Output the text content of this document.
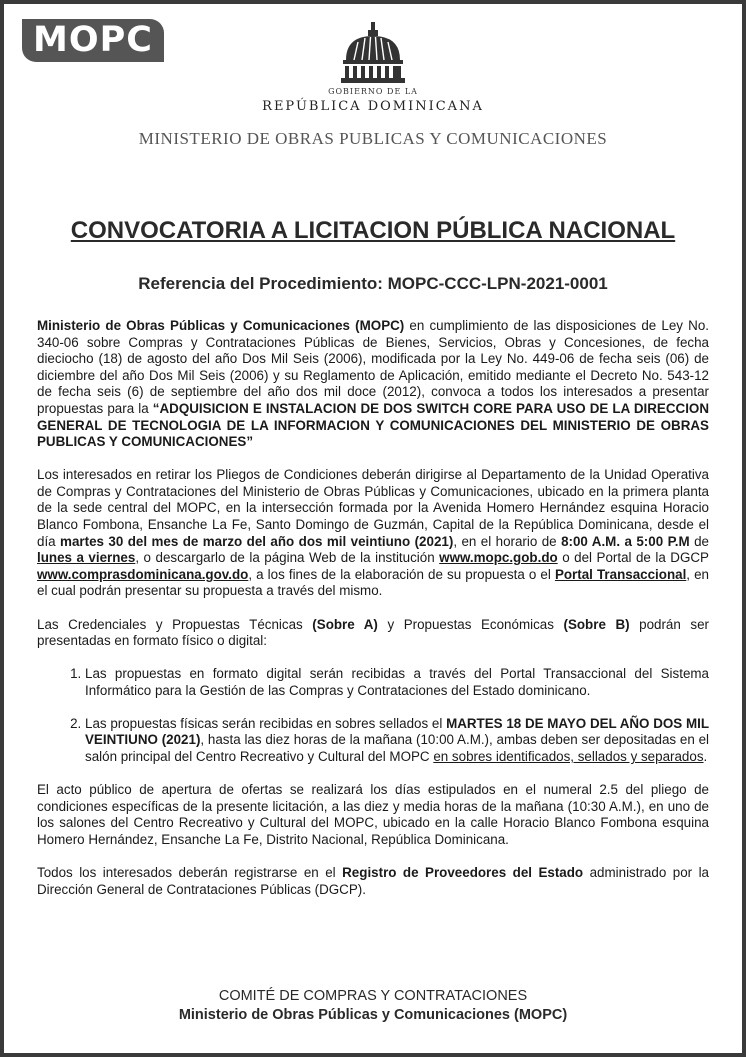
MOPC
GOBIERNO DE LA
REPÚBLICA DOMINICANA
MINISTERIO DE OBRAS PUBLICAS Y COMUNICACIONES
CONVOCATORIA A LICITACION PÚBLICA NACIONAL
Referencia del Procedimiento: MOPC-CCC-LPN-2021-0001

Ministerio de Obras Públicas y Comunicaciones (MOPC) en cumplimiento de las disposiciones de Ley No. 340-06 sobre Compras y Contrataciones Públicas de Bienes, Servicios, Obras y Concesiones, de fecha dieciocho (18) de agosto del año Dos Mil Seis (2006), modificada por la Ley No. 449-06 de fecha seis (06) de diciembre del año Dos Mil Seis (2006) y su Reglamento de Aplicación, emitido mediante el Decreto No. 543-12 de fecha seis (6) de septiembre del año dos mil doce (2012), convoca a todos los interesados a presentar propuestas para la “ADQUISICION E INSTALACION DE DOS SWITCH CORE PARA USO DE LA DIRECCION GENERAL DE TECNOLOGIA DE LA INFORMACION Y COMUNICACIONES DEL MINISTERIO DE OBRAS PUBLICAS Y COMUNICACIONES”

Los interesados en retirar los Pliegos de Condiciones deberán dirigirse al Departamento de la Unidad Operativa de Compras y Contrataciones del Ministerio de Obras Públicas y Comunicaciones, ubicado en la primera planta de la sede central del MOPC, en la intersección formada por la Avenida Homero Hernández esquina Horacio Blanco Fombona, Ensanche La Fe, Santo Domingo de Guzmán, Capital de la República Dominicana, desde el día martes 30 del mes de marzo del año dos mil veintiuno (2021), en el horario de 8:00 A.M. a 5:00 P.M de lunes a viernes, o descargarlo de la página Web de la institución www.mopc.gob.do o del Portal de la DGCP www.comprasdominicana.gov.do, a los fines de la elaboración de su propuesta o el Portal Transaccional, en el cual podrán presentar su propuesta a través del mismo.

Las Credenciales y Propuestas Técnicas (Sobre A) y Propuestas Económicas (Sobre B) podrán ser presentadas en formato físico o digital:

1. Las propuestas en formato digital serán recibidas a través del Portal Transaccional del Sistema Informático para la Gestión de las Compras y Contrataciones del Estado dominicano.
2. Las propuestas físicas serán recibidas en sobres sellados el MARTES 18 DE MAYO DEL AÑO DOS MIL VEINTIUNO (2021), hasta las diez horas de la mañana (10:00 A.M.), ambas deben ser depositadas en el salón principal del Centro Recreativo y Cultural del MOPC en sobres identificados, sellados y separados.

El acto público de apertura de ofertas se realizará los días estipulados en el numeral 2.5 del pliego de condiciones específicas de la presente licitación, a las diez y media horas de la mañana (10:30 A.M.), en uno de los salones del Centro Recreativo y Cultural del MOPC, ubicado en la calle Horacio Blanco Fombona esquina Homero Hernández, Ensanche La Fe, Distrito Nacional, República Dominicana.

Todos los interesados deberán registrarse en el Registro de Proveedores del Estado administrado por la Dirección General de Contrataciones Públicas (DGCP).

COMITÉ DE COMPRAS Y CONTRATACIONES
Ministerio de Obras Públicas y Comunicaciones (MOPC)
